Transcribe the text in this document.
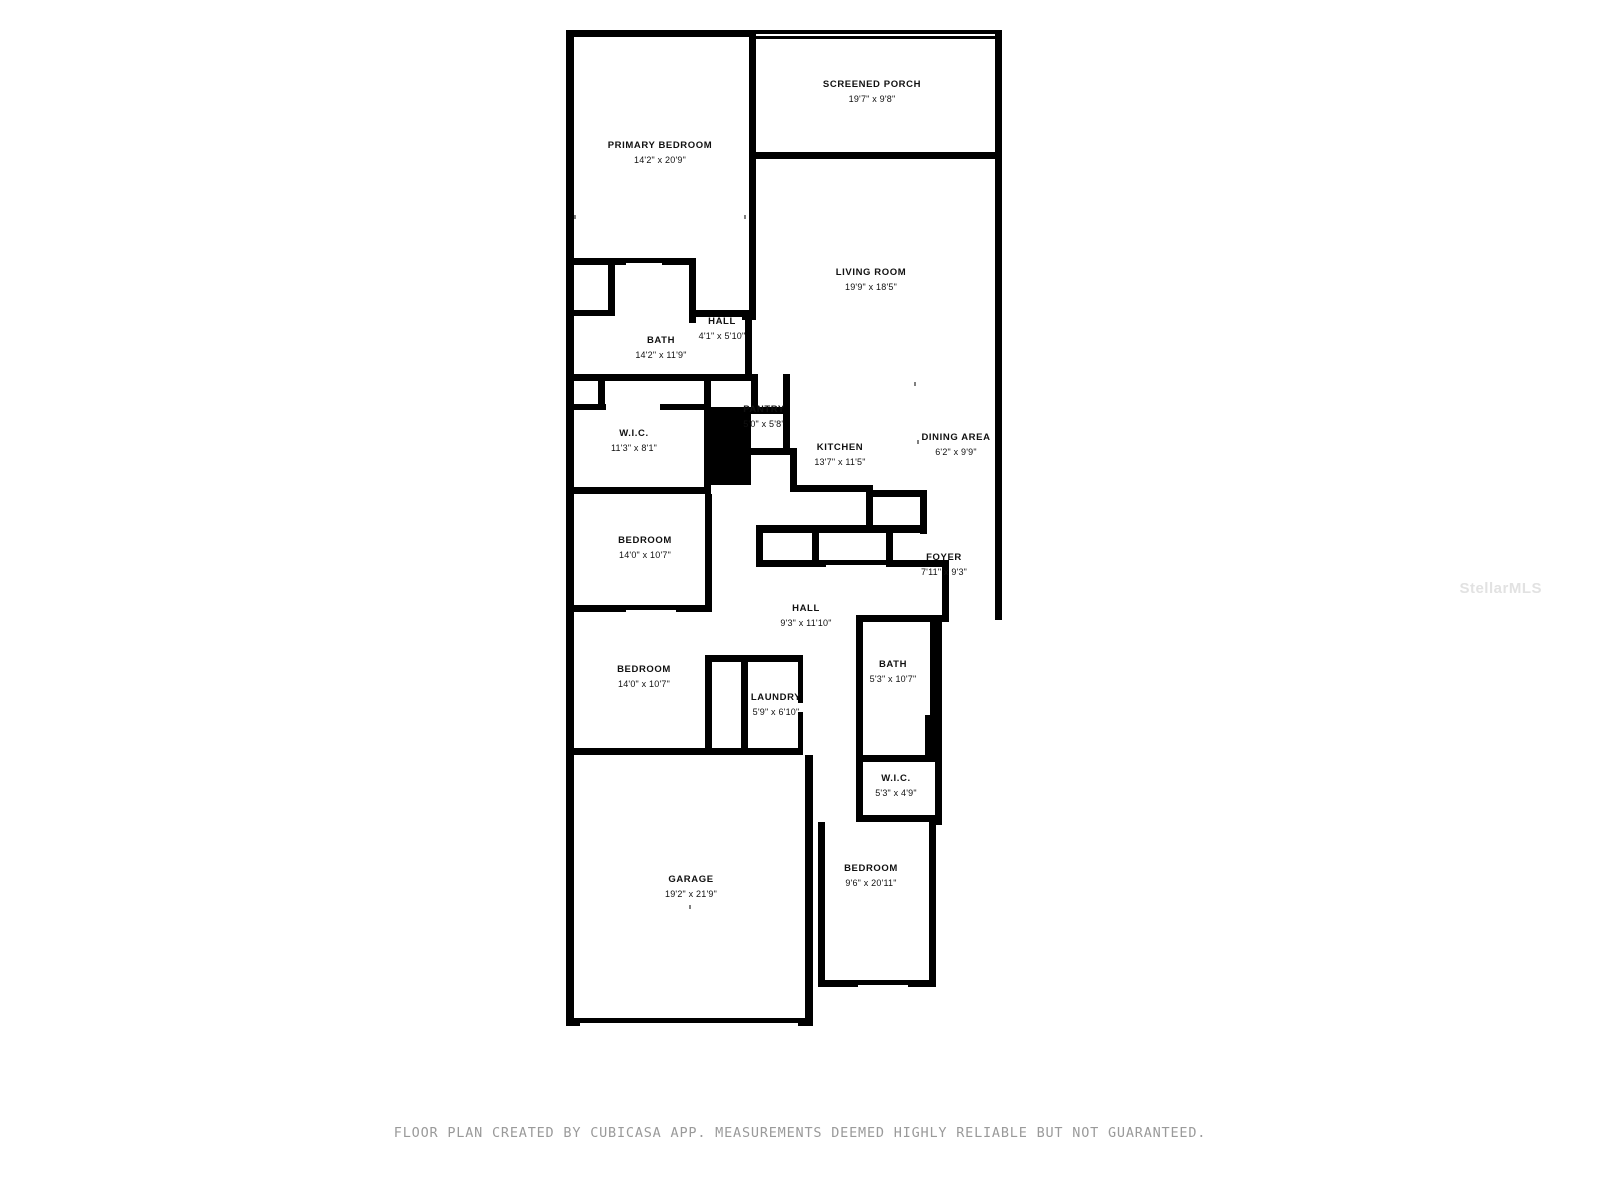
SCREENED PORCH
19'7" x 9'8"
PRIMARY BEDROOM
14'2" x 20'9"
LIVING ROOM
19'9" x 18'5"
HALL
4'1" x 5'10"
BATH
14'2" x 11'9"
PANTRY
5'0" x 5'8"
W.I.C.
11'3" x 8'1"
DINING AREA
6'2" x 9'9"
KITCHEN
13'7" x 11'5"
BEDROOM
14'0" x 10'7"	FOYER
7'11" x 9'3"
HALL
9'3" x 11'10"
BATH
5'3" x 10'7"
BEDROOM
14'0" x 10'7"
LAUNDRY
5'9" x 6'10"
W.I.C.
5'3" x 4'9"
BEDROOM
9'6" x 20'11"
GARAGE
19'2" x 21'9"
StellarMLS
FLOOR PLAN CREATED BY CUBICASA APP. MEASUREMENTS DEEMED HIGHLY RELIABLE BUT NOT GUARANTEED.
